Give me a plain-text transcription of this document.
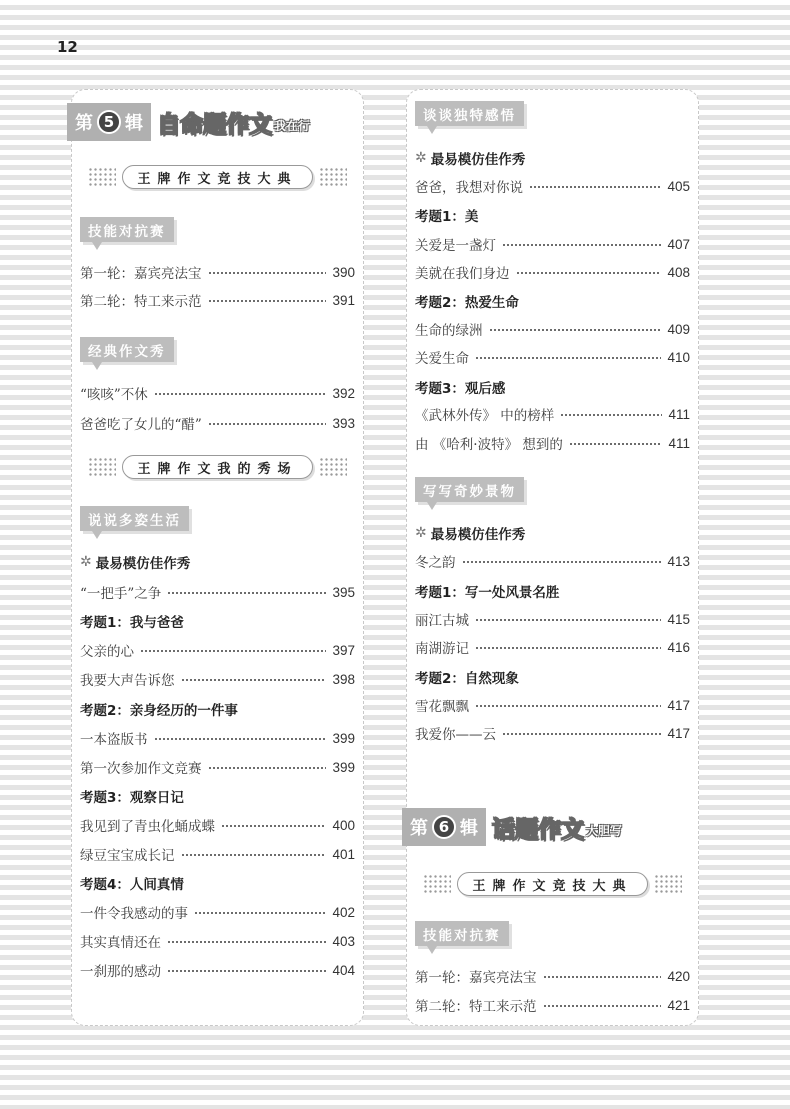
12
第 5 辑 自命题作文 我在行
王牌作文竞技大典
技能对抗赛
第一轮：嘉宾亮法宝	390
第二轮：特工来示范	391
经典作文秀
“咳咳”不休	392
爸爸吃了女儿的“醋”	393
王牌作文我的秀场
说说多姿生活
✲ 最易模仿佳作秀
“一把手”之争	395
考题1： 我与爸爸
父亲的心	397
我要大声告诉您	398
考题2： 亲身经历的一件事
一本盗版书	399
第一次参加作文竞赛	399
考题3： 观察日记
我见到了青虫化蛹成蝶	400
绿豆宝宝成长记	401
考题4： 人间真情
一件令我感动的事	402
其实真情还在	403
一刹那的感动	404
谈谈独特感悟
✲ 最易模仿佳作秀
爸爸，我想对你说	405
考题1： 美
关爱是一盏灯	407
美就在我们身边	408
考题2： 热爱生命
生命的绿洲	409
关爱生命	410
考题3： 观后感
《武林外传》 中的榜样	411
由 《哈利·波特》 想到的	411
写写奇妙景物
✲ 最易模仿佳作秀
冬之韵	413
考题1： 写一处风景名胜
丽江古城	415
南湖游记	416
考题2： 自然现象
雪花飘飘	417
我爱你——云	417
第 6 辑 话题作文 大胆写
王牌作文竞技大典
技能对抗赛
第一轮：嘉宾亮法宝	420
第二轮：特工来示范	421
